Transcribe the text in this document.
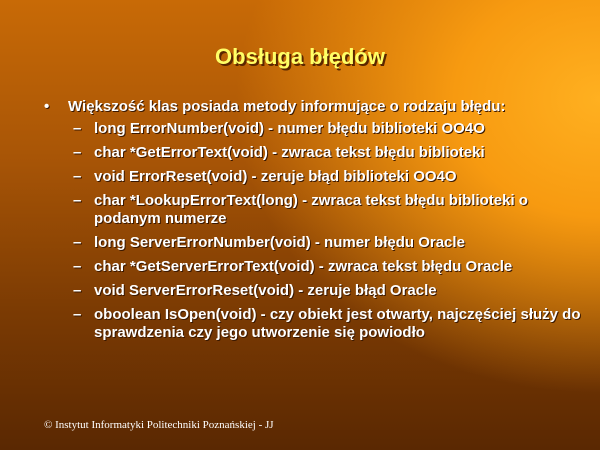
Obsługa błędów
•	Większość klas posiada metody informujące o rodzaju błędu:
– long ErrorNumber(void) - numer błędu biblioteki OO4O
– char *GetErrorText(void) - zwraca tekst błędu biblioteki
– void ErrorReset(void) - zeruje błąd biblioteki OO4O
– char *LookupErrorText(long) - zwraca tekst błędu biblioteki o podanym numerze
– long ServerErrorNumber(void) - numer błędu Oracle
– char *GetServerErrorText(void) - zwraca tekst błędu Oracle
– void ServerErrorReset(void) - zeruje błąd Oracle
– oboolean IsOpen(void) - czy obiekt jest otwarty, najczęściej służy do sprawdzenia czy jego utworzenie się powiodło
© Instytut Informatyki Politechniki Poznańskiej - JJ
